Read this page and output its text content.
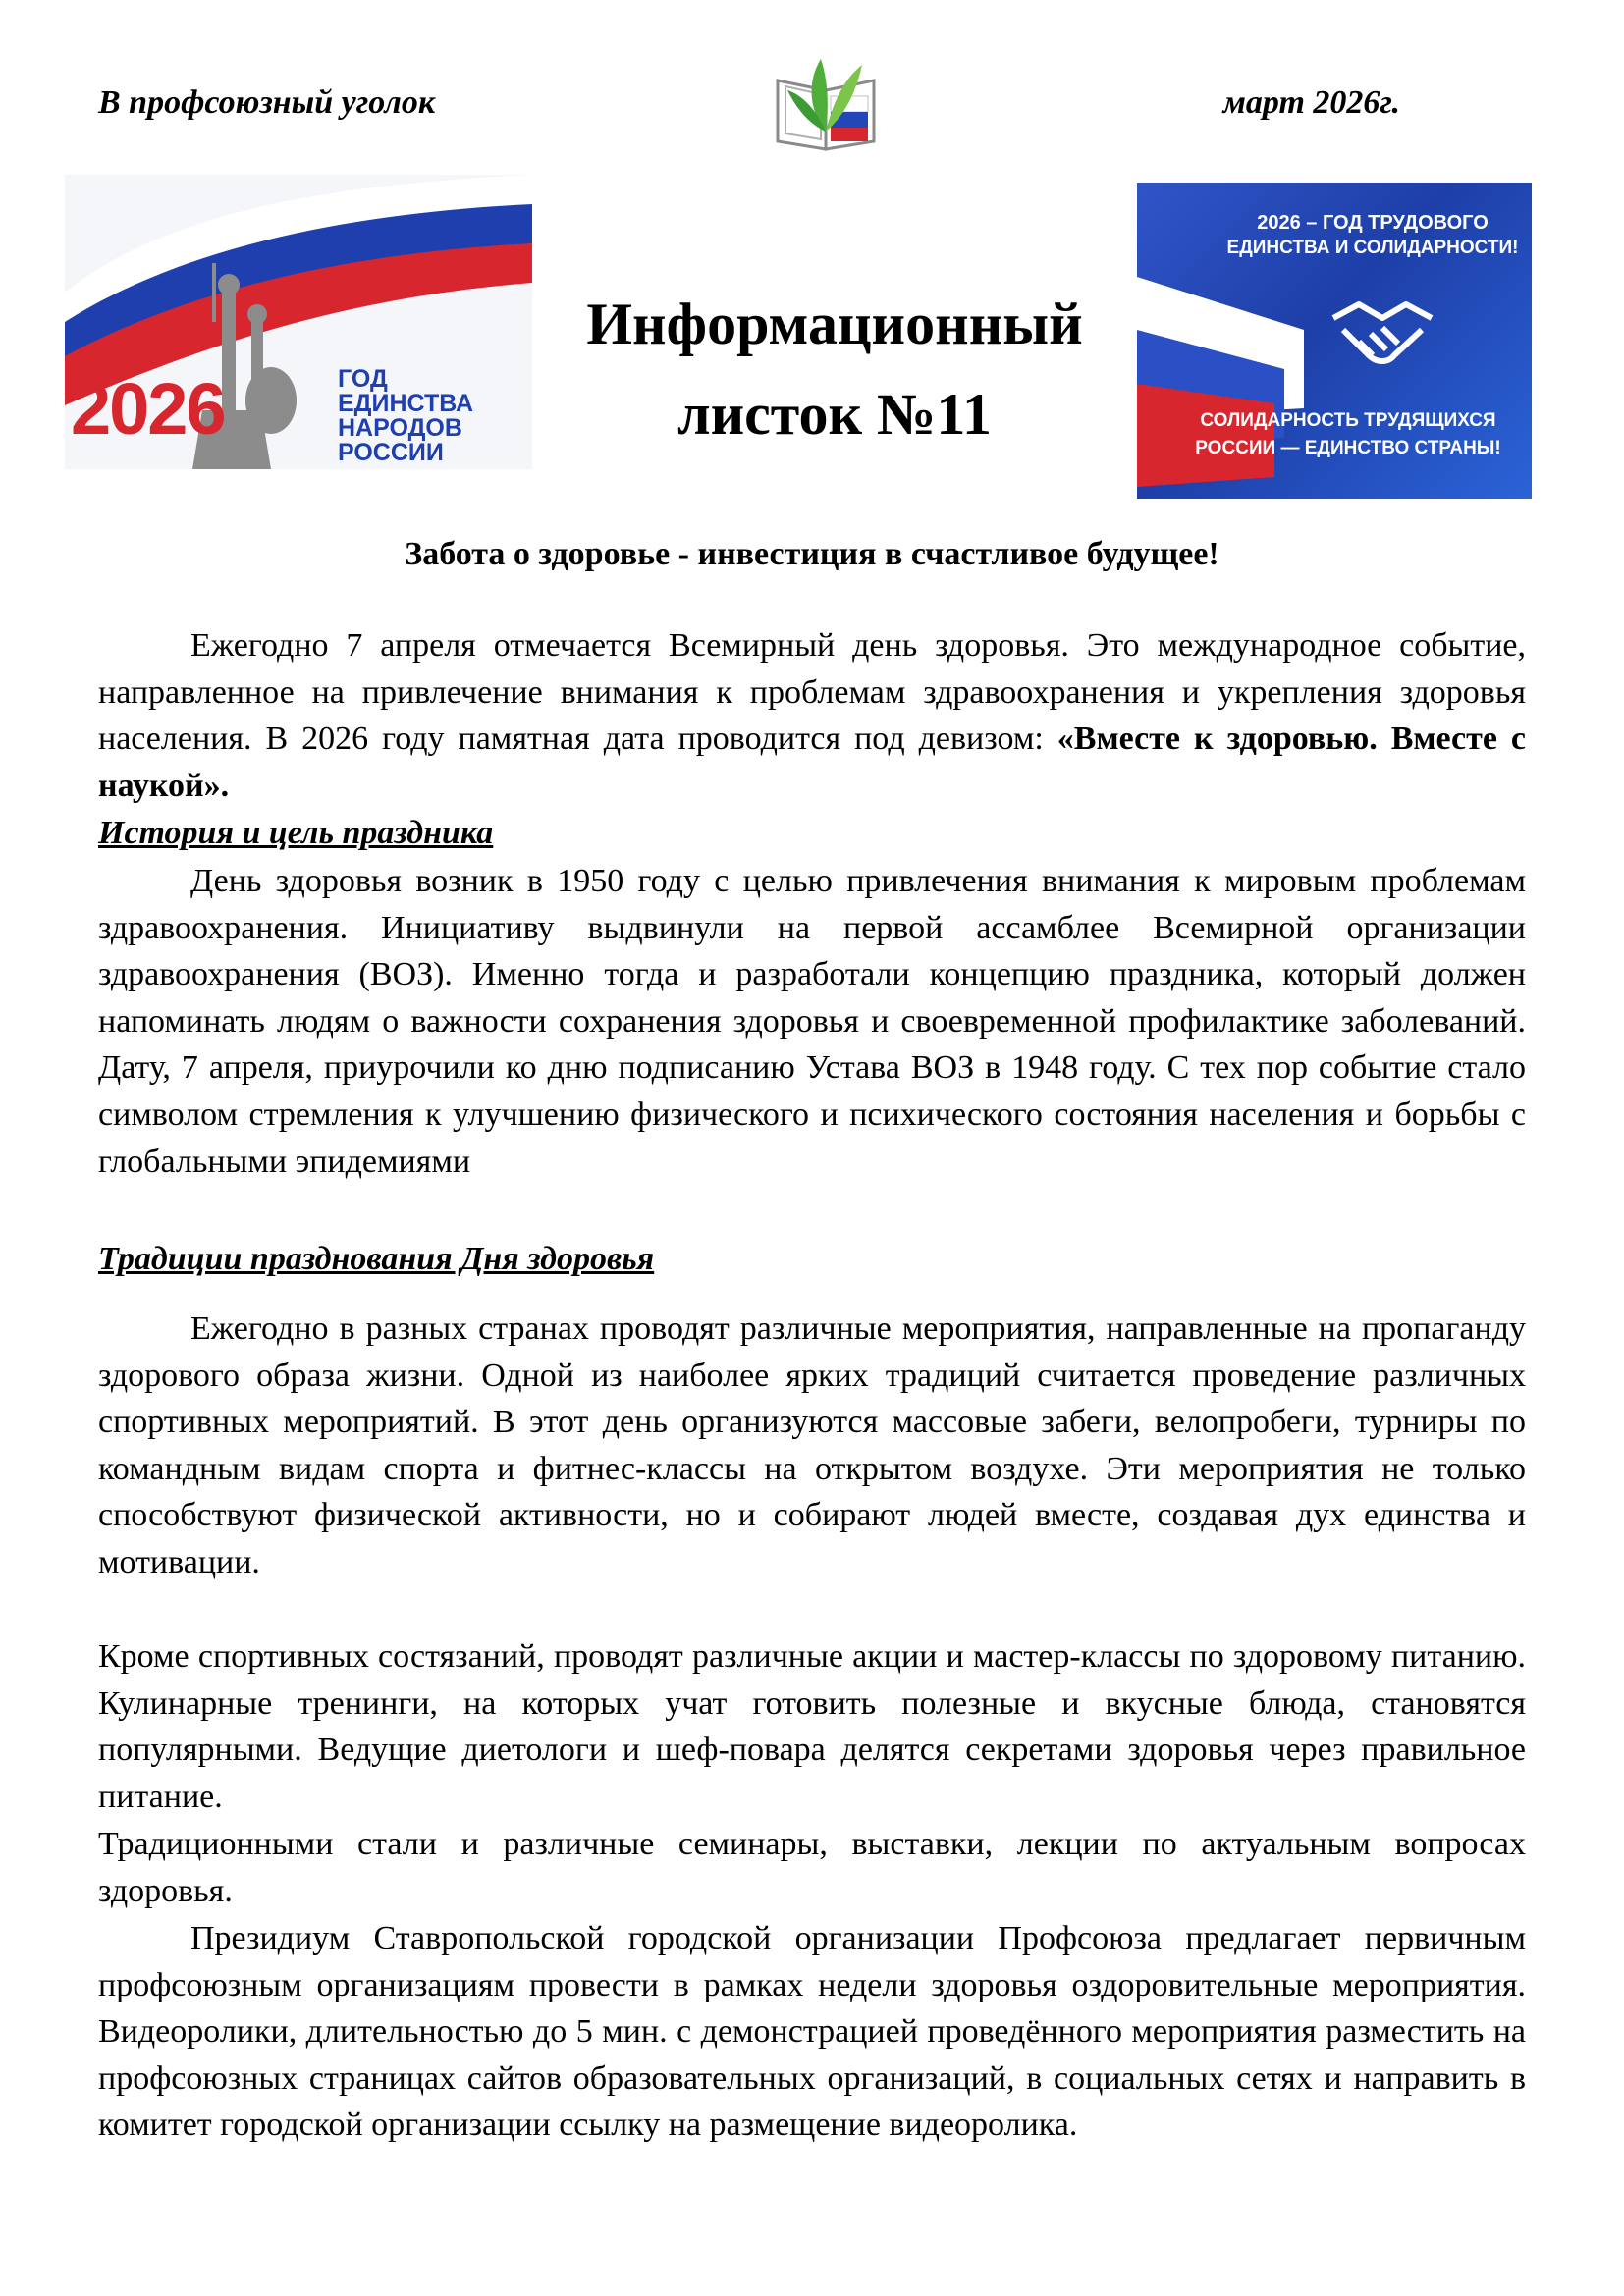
В профсоюзный уголок	март 2026г.
2026	ГОД
ЕДИНСТВА
НАРОДОВ
РОССИИ
2026 – ГОД ТРУДОВОГО
ЕДИНСТВА И СОЛИДАРНОСТИ!
СОЛИДАРНОСТЬ ТРУДЯЩИХСЯ
РОССИИ — ЕДИНСТВО СТРАНЫ!
Информационный
листок №11
Забота о здоровье - инвестиция в счастливое будущее!
Ежегодно 7 апреля отмечается Всемирный день здоровья. Это международное событие, направленное на привлечение внимания к проблемам здравоохранения и укрепления здоровья населения. В 2026 году памятная дата проводится под девизом: «Вместе к здоровью. Вместе с наукой».
История и цель праздника
День здоровья возник в 1950 году с целью привлечения внимания к мировым проблемам здравоохранения. Инициативу выдвинули на первой ассамблее Всемирной организации здравоохранения (ВОЗ). Именно тогда и разработали концепцию праздника, который должен напоминать людям о важности сохранения здоровья и своевременной профилактике заболеваний. Дату, 7 апреля, приурочили ко дню подписанию Устава ВОЗ в 1948 году. С тех пор событие стало символом стремления к улучшению физического и психического состояния населения и борьбы с глобальными эпидемиями
Традиции празднования Дня здоровья
Ежегодно в разных странах проводят различные мероприятия, направленные на пропаганду здорового образа жизни. Одной из наиболее ярких традиций считается проведение различных спортивных мероприятий. В этот день организуются массовые забеги, велопробеги, турниры по командным видам спорта и фитнес-классы на открытом воздухе. Эти мероприятия не только способствуют физической активности, но и собирают людей вместе, создавая дух единства и мотивации.
Кроме спортивных состязаний, проводят различные акции и мастер-классы по здоровому питанию. Кулинарные тренинги, на которых учат готовить полезные и вкусные блюда, становятся популярными. Ведущие диетологи и шеф-повара делятся секретами здоровья через правильное питание.
Традиционными стали и различные семинары, выставки, лекции по актуальным вопросах здоровья.
Президиум Ставропольской городской организации Профсоюза предлагает первичным профсоюзным организациям провести в рамках недели здоровья оздоровительные мероприятия. Видеоролики, длительностью до 5 мин. с демонстрацией проведённого мероприятия разместить на профсоюзных страницах сайтов образовательных организаций, в социальных сетях и направить в комитет городской организации ссылку на размещение видеоролика.
